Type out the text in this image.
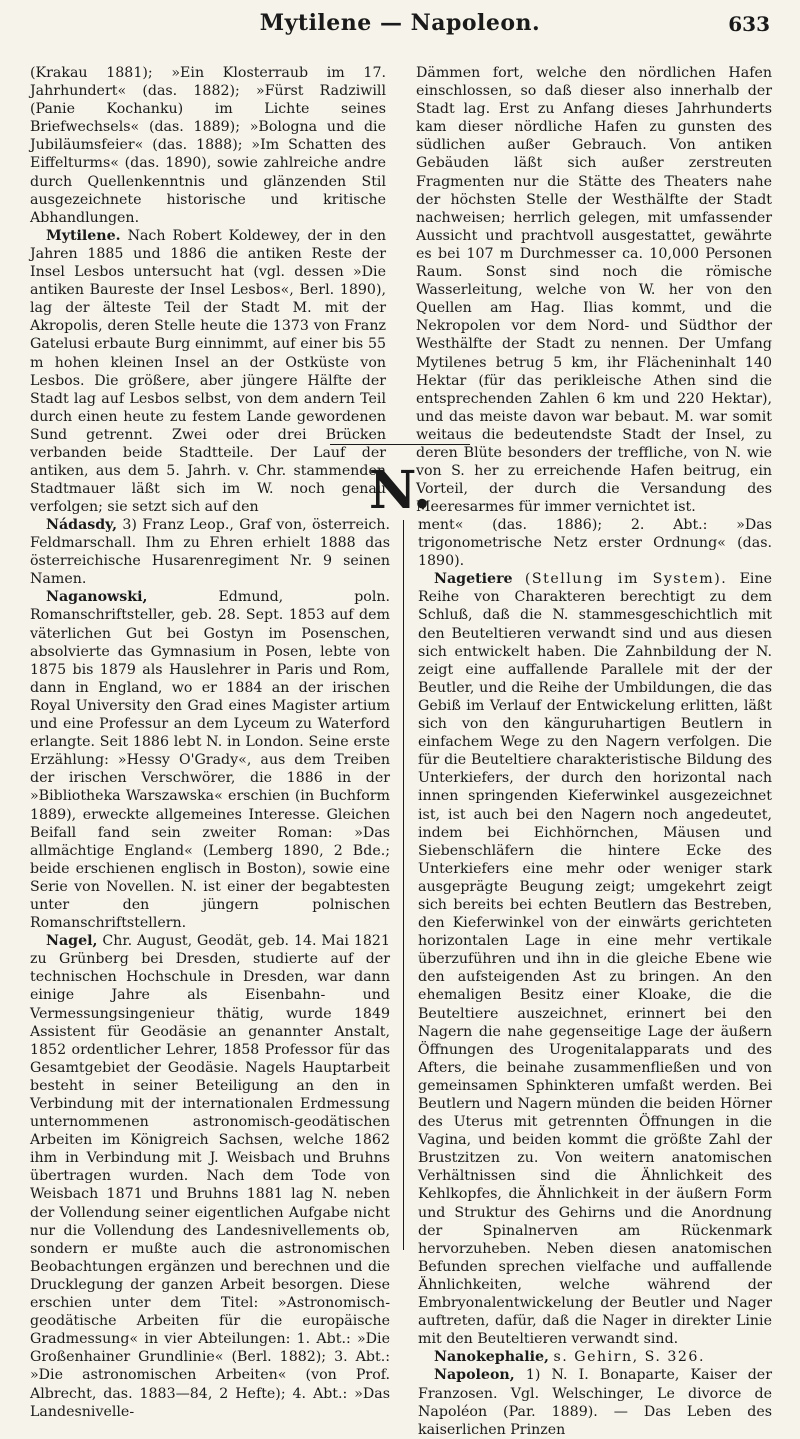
Mytilene — Napoleon.	633

(Krakau 1881); »Ein Klosterraub im 17. Jahrhundert« (das. 1882); »Fürst Radziwill (Panie Kochanku) im Lichte seines Briefwechsels« (das. 1889); »Bologna und die Jubiläumsfeier« (das. 1888); »Im Schatten des Eiffelturms« (das. 1890), sowie zahlreiche andre durch Quellenkenntnis und glänzenden Stil ausgezeichnete historische und kritische Abhandlungen.

Mytilene. Nach Robert Koldewey, der in den Jahren 1885 und 1886 die antiken Reste der Insel Lesbos untersucht hat (vgl. dessen »Die antiken Baureste der Insel Lesbos«, Berl. 1890), lag der älteste Teil der Stadt M. mit der Akropolis, deren Stelle heute die 1373 von Franz Gatelusi erbaute Burg einnimmt, auf einer bis 55 m hohen kleinen Insel an der Ostküste von Lesbos. Die größere, aber jüngere Hälfte der Stadt lag auf Lesbos selbst, von dem andern Teil durch einen heute zu festem Lande gewordenen Sund getrennt. Zwei oder drei Brücken verbanden beide Stadtteile. Der Lauf der antiken, aus dem 5. Jahrh. v. Chr. stammenden Stadtmauer läßt sich im W. noch genau verfolgen; sie setzt sich auf den

Dämmen fort, welche den nördlichen Hafen einschlossen, so daß dieser also innerhalb der Stadt lag. Erst zu Anfang dieses Jahrhunderts kam dieser nördliche Hafen zu gunsten des südlichen außer Gebrauch. Von antiken Gebäuden läßt sich außer zerstreuten Fragmenten nur die Stätte des Theaters nahe der höchsten Stelle der Westhälfte der Stadt nachweisen; herrlich gelegen, mit umfassender Aussicht und prachtvoll ausgestattet, gewährte es bei 107 m Durchmesser ca. 10,000 Personen Raum. Sonst sind noch die römische Wasserleitung, welche von W. her von den Quellen am Hag. Ilias kommt, und die Nekropolen vor dem Nord- und Südthor der Westhälfte der Stadt zu nennen. Der Umfang Mytilenes betrug 5 km, ihr Flächeninhalt 140 Hektar (für das perikleische Athen sind die entsprechenden Zahlen 6 km und 220 Hektar), und das meiste davon war bebaut. M. war somit weitaus die bedeutendste Stadt der Insel, zu deren Blüte besonders der treffliche, von N. wie von S. her zu erreichende Hafen beitrug, ein Vorteil, der durch die Versandung des Meeresarmes für immer vernichtet ist.

N.

Nádasdy, 3) Franz Leop., Graf von, österreich. Feldmarschall. Ihm zu Ehren erhielt 1888 das österreichische Husarenregiment Nr. 9 seinen Namen.

Naganowski,	Edmund, poln. Romanschriftsteller, geb. 28. Sept. 1853 auf dem väterlichen Gut bei Gostyn im Posenschen, absolvierte das Gymnasium in Posen, lebte von 1875 bis 1879 als Hauslehrer in Paris und Rom, dann in England, wo er 1884 an der irischen Royal University den Grad eines Magister artium und eine Professur an dem Lyceum zu Waterford erlangte. Seit 1886 lebt N. in London. Seine erste Erzählung: »Hessy O'Grady«, aus dem Treiben der irischen Verschwörer, die 1886 in der »Bibliotheka Warszawska« erschien (in Buchform 1889), erweckte allgemeines Interesse. Gleichen Beifall fand sein zweiter Roman: »Das allmächtige England« (Lemberg 1890, 2 Bde.; beide erschienen englisch in Boston), sowie eine Serie von Novellen. N. ist einer der begabtesten unter den jüngern polnischen Romanschriftstellern.

Nagel, Chr. August, Geodät, geb. 14. Mai 1821 zu Grünberg bei Dresden, studierte auf der technischen Hochschule in Dresden, war dann einige Jahre als Eisenbahn- und Vermessungsingenieur thätig, wurde 1849 Assistent für Geodäsie an genannter Anstalt, 1852 ordentlicher Lehrer, 1858 Professor für das Gesamtgebiet der Geodäsie. Nagels Hauptarbeit besteht in seiner Beteiligung an den in Verbindung mit der internationalen Erdmessung unternommenen astronomisch-geodätischen Arbeiten im Königreich Sachsen, welche 1862 ihm in Verbindung mit J. Weisbach und Bruhns übertragen wurden. Nach dem Tode von Weisbach 1871 und Bruhns 1881 lag N. neben der Vollendung seiner eigentlichen Aufgabe nicht nur die Vollendung des Landesnivellements ob, sondern er mußte auch die astronomischen Beobachtungen ergänzen und berechnen und die Drucklegung der ganzen Arbeit besorgen. Diese erschien unter dem Titel: »Astronomisch-geodätische Arbeiten für die europäische Gradmessung« in vier Abteilungen: 1. Abt.: »Die Großenhainer Grundlinie« (Berl. 1882); 3. Abt.: »Die astronomischen Arbeiten« (von Prof. Albrecht, das. 1883—84, 2 Hefte); 4. Abt.: »Das Landesnivelle-

ment« (das. 1886); 2. Abt.: »Das trigonometrische Netz erster Ordnung« (das. 1890).

Nagetiere (Stellung im System). Eine Reihe von Charakteren berechtigt zu dem Schluß, daß die N. stammesgeschichtlich mit den Beuteltieren verwandt sind und aus diesen sich entwickelt haben. Die Zahnbildung der N. zeigt eine auffallende Parallele mit der der Beutler, und die Reihe der Umbildungen, die das Gebiß im Verlauf der Entwickelung erlitten, läßt sich von den känguruhartigen Beutlern in einfachem Wege zu den Nagern verfolgen. Die für die Beuteltiere charakteristische Bildung des Unterkiefers, der durch den horizontal nach innen springenden Kieferwinkel ausgezeichnet ist, ist auch bei den Nagern noch angedeutet, indem bei Eichhörnchen, Mäusen und Siebenschläfern die hintere Ecke des Unterkiefers eine mehr oder weniger stark ausgeprägte Beugung zeigt; umgekehrt zeigt sich bereits bei echten Beutlern das Bestreben, den Kieferwinkel von der einwärts gerichteten horizontalen Lage in eine mehr vertikale überzuführen und ihn in die gleiche Ebene wie den aufsteigenden Ast zu bringen. An den ehemaligen Besitz einer Kloake, die die Beuteltiere auszeichnet, erinnert bei den Nagern die nahe gegenseitige Lage der äußern Öffnungen des Urogenitalapparats und des Afters, die beinahe zusammenfließen und von gemeinsamen Sphinkteren umfaßt werden. Bei Beutlern und Nagern münden die beiden Hörner des Uterus mit getrennten Öffnungen in die Vagina, und beiden kommt die größte Zahl der Brustzitzen zu. Von weitern anatomischen Verhältnissen sind die Ähnlichkeit des Kehlkopfes, die Ähnlichkeit in der äußern Form und Struktur des Gehirns und die Anordnung der Spinalnerven am Rückenmark hervorzuheben. Neben diesen anatomischen Befunden sprechen vielfache und auffallende Ähnlichkeiten, welche während der Embryonalentwickelung der Beutler und Nager auftreten, dafür, daß die Nager in direkter Linie mit den Beuteltieren verwandt sind.

Nanokephalie, s. Gehirn, S. 326.

Napoleon, 1) N. I. Bonaparte, Kaiser der Franzosen. Vgl. Welschinger, Le divorce de Napoléon (Par. 1889). — Das Leben des kaiserlichen Prinzen
